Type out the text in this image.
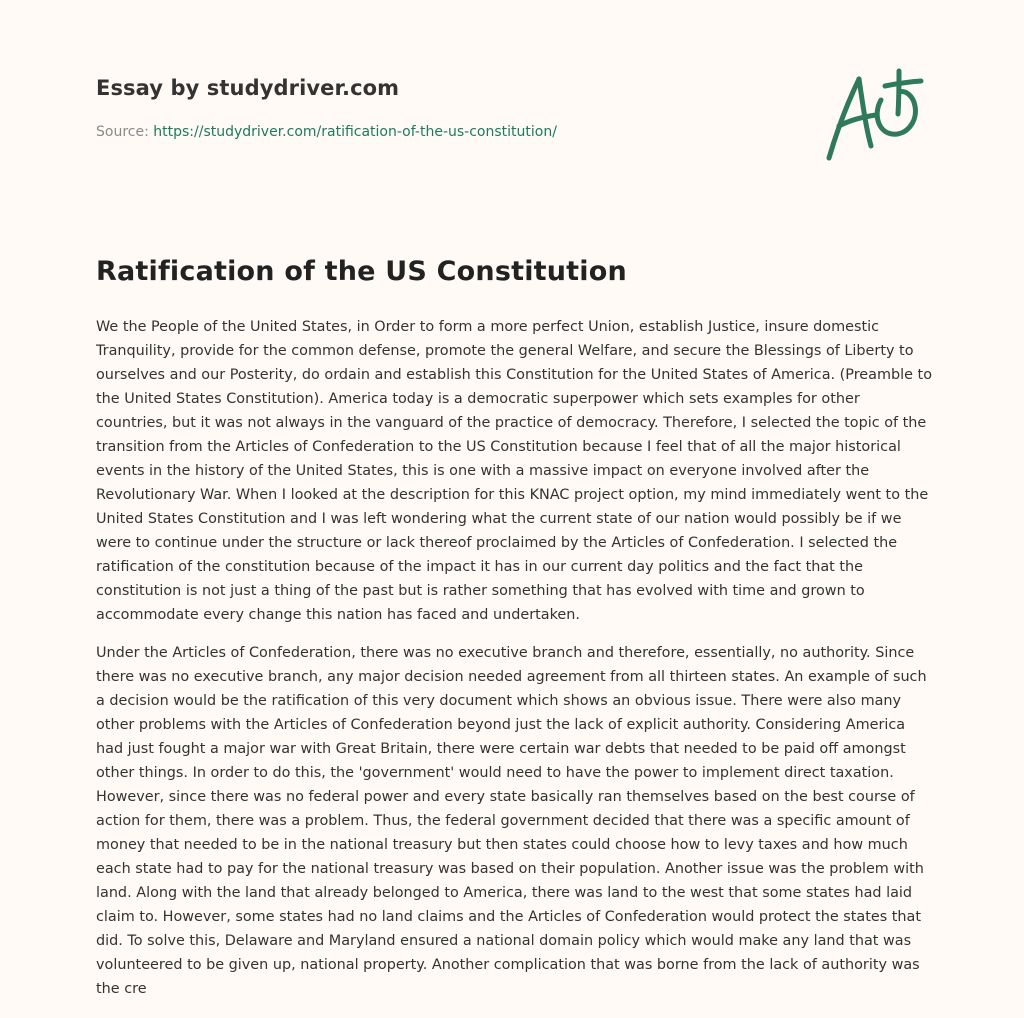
Essay by studydriver.com
Source: https://studydriver.com/ratification-of-the-us-constitution/
Ratification of the US Constitution

We the People of the United States, in Order to form a more perfect Union, establish Justice, insure domestic Tranquility, provide for the common defense, promote the general Welfare, and secure the Blessings of Liberty to ourselves and our Posterity, do ordain and establish this Constitution for the United States of America. (Preamble to the United States Constitution). America today is a democratic superpower which sets examples for other countries, but it was not always in the vanguard of the practice of democracy. Therefore, I selected the topic of the transition from the Articles of Confederation to the US Constitution because I feel that of all the major historical events in the history of the United States, this is one with a massive impact on everyone involved after the Revolutionary War. When I looked at the description for this KNAC project option, my mind immediately went to the United States Constitution and I was left wondering what the current state of our nation would possibly be if we were to continue under the structure or lack thereof proclaimed by the Articles of Confederation. I selected the ratification of the constitution because of the impact it has in our current day politics and the fact that the constitution is not just a thing of the past but is rather something that has evolved with time and grown to accommodate every change this nation has faced and undertaken.

Under the Articles of Confederation, there was no executive branch and therefore, essentially, no authority. Since there was no executive branch, any major decision needed agreement from all thirteen states. An example of such a decision would be the ratification of this very document which shows an obvious issue. There were also many other problems with the Articles of Confederation beyond just the lack of explicit authority. Considering America had just fought a major war with Great Britain, there were certain war debts that needed to be paid off amongst other things. In order to do this, the 'government' would need to have the power to implement direct taxation. However, since there was no federal power and every state basically ran themselves based on the best course of action for them, there was a problem. Thus, the federal government decided that there was a specific amount of money that needed to be in the national treasury but then states could choose how to levy taxes and how much each state had to pay for the national treasury was based on their population. Another issue was the problem with land. Along with the land that already belonged to America, there was land to the west that some states had laid claim to. However, some states had no land claims and the Articles of Confederation would protect the states that did. To solve this, Delaware and Maryland ensured a national domain policy which would make any land that was volunteered to be given up, national property. Another complication that was borne from the lack of authority was the cre
